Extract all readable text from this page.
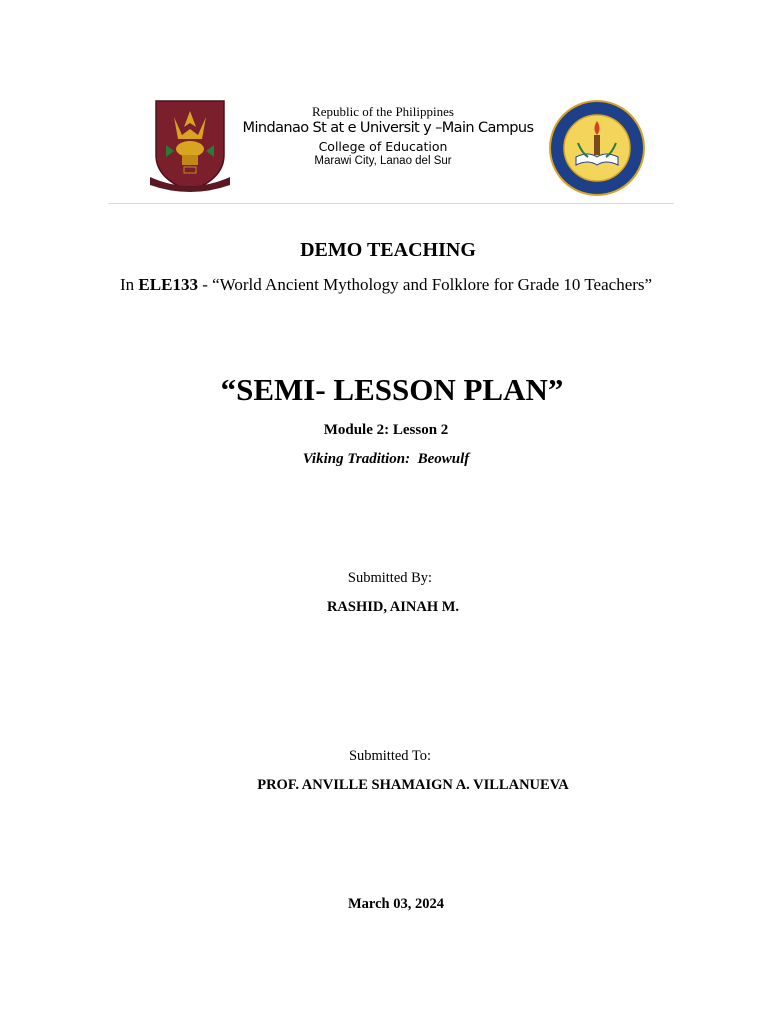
Republic of the Philippines
Mindanao St at e Universit y –Main Campus
College of Education
Marawi City, Lanao del Sur
DEMO TEACHING
In ELE133 - “World Ancient Mythology and Folklore for Grade 10 Teachers”
“SEMI- LESSON PLAN”
Module 2: Lesson 2
Viking Tradition:  Beowulf
Submitted By:
RASHID, AINAH M.
Submitted To:
PROF. ANVILLE SHAMAIGN A. VILLANUEVA
March 03, 2024
